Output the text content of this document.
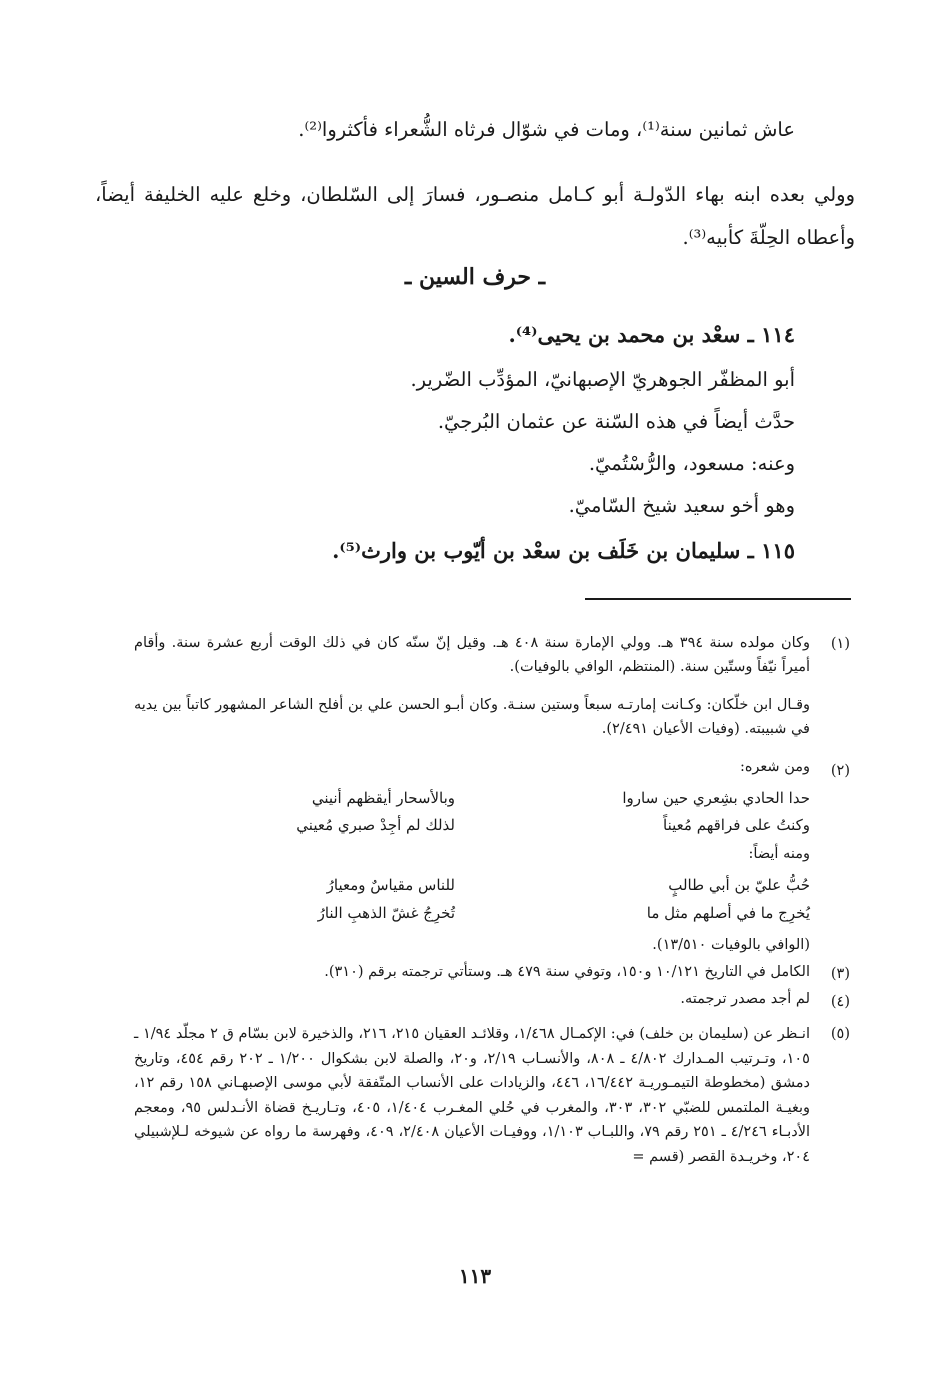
عاش ثمانين سنة⁽¹⁾، ومات في شوّال فرثاه الشُّعراء فأكثروا⁽²⁾.

وولي بعده ابنه بهاء الدّولـة أبو كـامل منصـور، فسارَ إلى السّلطان، وخلع عليه الخليفة أيضاً، وأعطاه الحِلّةَ كأبيه⁽³⁾.

ـ حرف السين ـ

١١٤ ـ سعْد بن محمد بن يحيى⁽⁴⁾.

أبو المظفّر الجوهريّ الإصبهانيّ، المؤدِّب الضّرير.

حدَّث أيضاً في هذه السّنة عن عثمان البُرجيّ.

وعنه: مسعود، والرُّسْتُميّ.

وهو أخو سعيد شيخ السّاميّ.

١١٥ ـ سليمان بن خَلَف بن سعْد بن أيّوب بن وارث⁽⁵⁾.

(١)
وكان مولده سنة ٣٩٤ هـ. وولي الإمارة سنة ٤٠٨ هـ. وقيل إنّ سنّه كان في ذلك الوقت أربع عشرة سنة. وأقام أميراً نيّفاً وستّين سنة. (المنتظم، الوافي بالوفيات).
وقـال ابن خلّكان: وكـانت إمارتـه سبعاً وستين سنـة. وكان أبـو الحسن علي بن أفلح الشاعر المشهور كاتباً بين يديه في شبيبته. (وفيات الأعيان ٢/٤٩١).
(٢)
ومن شعره:
حدا الحادي بشِعري حين ساروا
وبالأسحار أيقظهم أنيني
وكنتُ على فراقهم مُعيناً
لذلك لم أجِدْ صبري مُعيني
ومنه أيضاً:
حُبُّ عليّ بن أبي طالبٍ
للناس مقياسٌ ومعيارُ
يُخرِج ما في أصلهم مثل ما
تُخرِجُ غشّ الذهبِ النارُ
(الوافي بالوفيات ١٣/٥١٠).
(٣)
الكامل في التاريخ ١٠/١٢١ و١٥٠، وتوفي سنة ٤٧٩ هـ. وستأتي ترجمته برقم (٣١٠).
(٤)
لم أجد مصدر ترجمته.
(٥)
انـظر عن (سليمان بن خلف) في: الإكمـال ١/٤٦٨، وقلائـد العقيان ٢١٥، ٢١٦، والذخيرة لابن بسّام ق ٢ مجلّد ١/٩٤ ـ ١٠٥، وتـرتيب المـدارك ٤/٨٠٢ ـ ٨٠٨، والأنسـاب ٢/١٩، و٢٠، والصلة لابن بشكوال ١/٢٠٠ ـ ٢٠٢ رقم ٤٥٤، وتاريخ دمشق (مخطوطة التيمـوريـة ١٦/٤٤٢، ٤٤٦، والزيادات على الأنساب المتّفقة لأبي موسى الإصبهـاني ١٥٨ رقم ١٢، وبغيـة الملتمس للضبّي ٣٠٢، ٣٠٣، والمغرب في حُلي المغـرب ١/٤٠٤، ٤٠٥، وتـاريـخ قضاة الأنـدلس ٩٥، ومعجم الأدبـاء ٤/٢٤٦ ـ ٢٥١ رقم ٧٩، واللبـاب ١/١٠٣، ووفيـات الأعيان ٢/٤٠٨، ٤٠٩، وفهرسة ما رواه عن شيوخه لـلإشبيلي ٢٠٤، وخريـدة القصر (قسم =
١١٣
